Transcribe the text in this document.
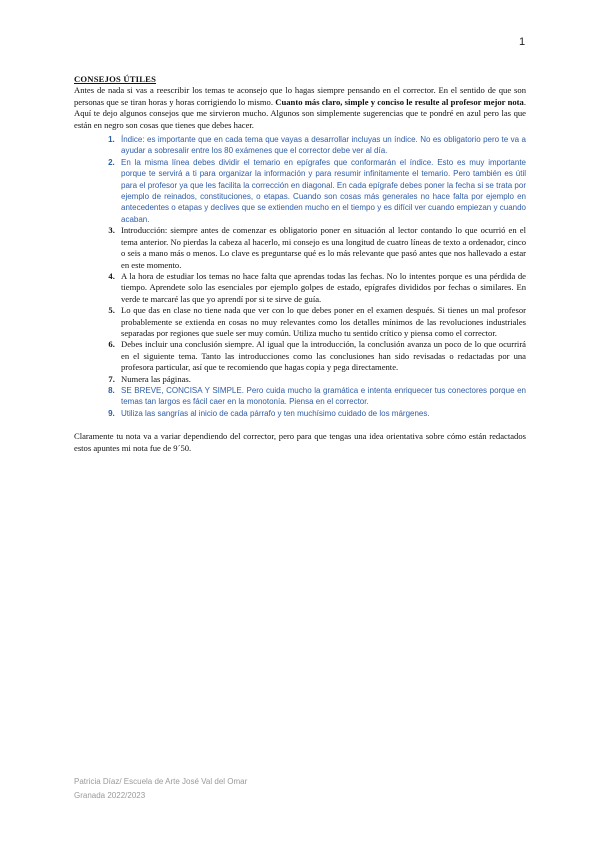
1
CONSEJOS ÚTILES

Antes de nada si vas a reescribir los temas te aconsejo que lo hagas siempre pensando en el corrector. En el sentido de que son personas que se tiran horas y horas corrigiendo lo mismo. Cuanto más claro, simple y conciso le resulte al profesor mejor nota. Aquí te dejo algunos consejos que me sirvieron mucho. Algunos son simplemente sugerencias que te pondré en azul pero las que están en negro son cosas que tienes que debes hacer.

1. Índice: es importante que en cada tema que vayas a desarrollar incluyas un índice. No es obligatorio pero te va a ayudar a sobresalir entre los 80 exámenes que el corrector debe ver al día.
2. En la misma línea debes dividir el temario en epígrafes que conformarán el índice. Esto es muy importante porque te servirá a ti para organizar la información y para resumir infinitamente el temario. Pero también es útil para el profesor ya que les facilita la corrección en diagonal. En cada epígrafe debes poner la fecha si se trata por ejemplo de reinados, constituciones, o etapas. Cuando son cosas más generales no hace falta por ejemplo en antecedentes o etapas y declives que se extienden mucho en el tiempo y es difícil ver cuando empiezan y cuando acaban.
3. Introducción: siempre antes de comenzar es obligatorio poner en situación al lector contando lo que ocurrió en el tema anterior. No pierdas la cabeza al hacerlo, mi consejo es una longitud de cuatro líneas de texto a ordenador, cinco o seis a mano más o menos. Lo clave es preguntarse qué es lo más relevante que pasó antes que nos hallevado a estar en este momento.
4. A la hora de estudiar los temas no hace falta que aprendas todas las fechas. No lo intentes porque es una pérdida de tiempo. Aprendete solo las esenciales por ejemplo golpes de estado, epígrafes divididos por fechas o similares. En verde te marcaré las que yo aprendí por si te sirve de guía.
5. Lo que das en clase no tiene nada que ver con lo que debes poner en el examen después. Si tienes un mal profesor probablemente se extienda en cosas no muy relevantes como los detalles mínimos de las revoluciones industriales separadas por regiones que suele ser muy común. Utiliza mucho tu sentido crítico y piensa como el corrector.
6. Debes incluir una conclusión siempre. Al igual que la introducción, la conclusión avanza un poco de lo que ocurrirá en el siguiente tema. Tanto las introducciones como las conclusiones han sido revisadas o redactadas por una profesora particular, así que te recomiendo que hagas copia y pega directamente.
7. Numera las páginas.
8. SE BREVE, CONCISA Y SIMPLE. Pero cuida mucho la gramática e intenta enriquecer tus conectores porque en temas tan largos es fácil caer en la monotonía. Piensa en el corrector.
9. Utiliza las sangrías al inicio de cada párrafo y ten muchísimo cuidado de los márgenes.

Claramente tu nota va a variar dependiendo del corrector, pero para que tengas una idea orientativa sobre cómo están redactados estos apuntes mi nota fue de 9´50.

Patricia Díaz/ Escuela de Arte José Val del Omar
Granada 2022/2023
